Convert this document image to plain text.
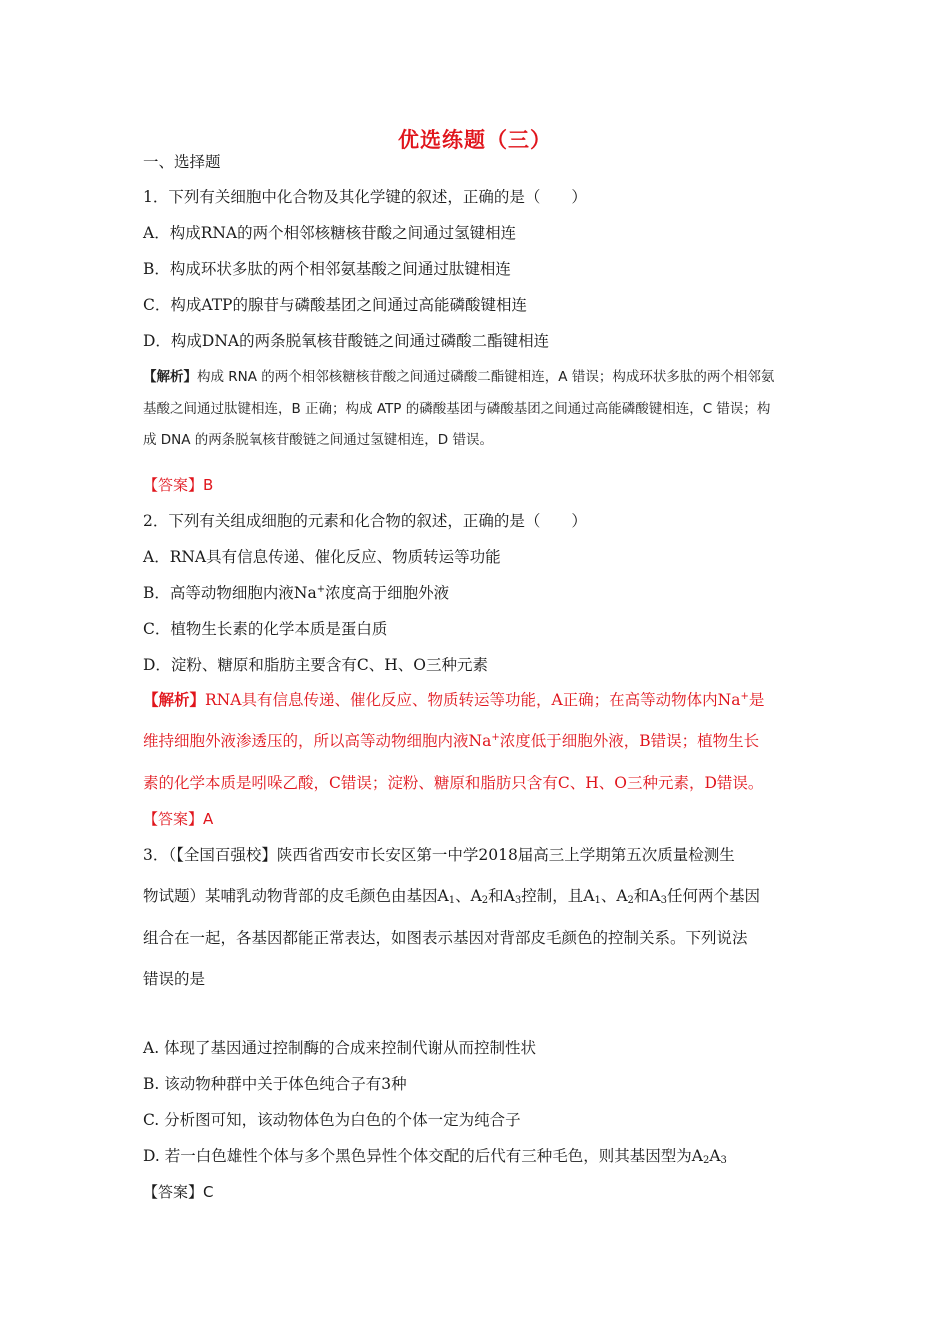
优选练题（三）
一、选择题
1．下列有关细胞中化合物及其化学键的叙述，正确的是（　　）
A．构成RNA的两个相邻核糖核苷酸之间通过氢键相连
B．构成环状多肽的两个相邻氨基酸之间通过肽键相连
C．构成ATP的腺苷与磷酸基团之间通过高能磷酸键相连
D．构成DNA的两条脱氧核苷酸链之间通过磷酸二酯键相连
【解析】构成 RNA 的两个相邻核糖核苷酸之间通过磷酸二酯键相连，A 错误；构成环状多肽的两个相邻氨
基酸之间通过肽键相连，B 正确；构成 ATP 的磷酸基团与磷酸基团之间通过高能磷酸键相连，C 错误；构
成 DNA 的两条脱氧核苷酸链之间通过氢键相连，D 错误。
【答案】B
2．下列有关组成细胞的元素和化合物的叙述，正确的是（　　）
A．RNA具有信息传递、催化反应、物质转运等功能
B．高等动物细胞内液Na+浓度高于细胞外液
C．植物生长素的化学本质是蛋白质
D．淀粉、糖原和脂肪主要含有C、H、O三种元素
【解析】RNA具有信息传递、催化反应、物质转运等功能，A正确；在高等动物体内Na+是
维持细胞外液渗透压的，所以高等动物细胞内液Na+浓度低于细胞外液，B错误；植物生长
素的化学本质是吲哚乙酸，C错误；淀粉、糖原和脂肪只含有C、H、O三种元素，D错误。
【答案】A
3．（【全国百强校】陕西省西安市长安区第一中学2018届高三上学期第五次质量检测生
物试题）某哺乳动物背部的皮毛颜色由基因$A_1$、$A_2$和$A_3$控制，且$A_1$、$A_2$和$A_3$任何两个基因
组合在一起，各基因都能正常表达，如图表示基因对背部皮毛颜色的控制关系。下列说法
错误的是
A. 体现了基因通过控制酶的合成来控制代谢从而控制性状
B. 该动物种群中关于体色纯合子有3种
C. 分析图可知，该动物体色为白色的个体一定为纯合子
D. 若一白色雄性个体与多个黑色异性个体交配的后代有三种毛色，则其基因型为$A_2A_3$
【答案】C
